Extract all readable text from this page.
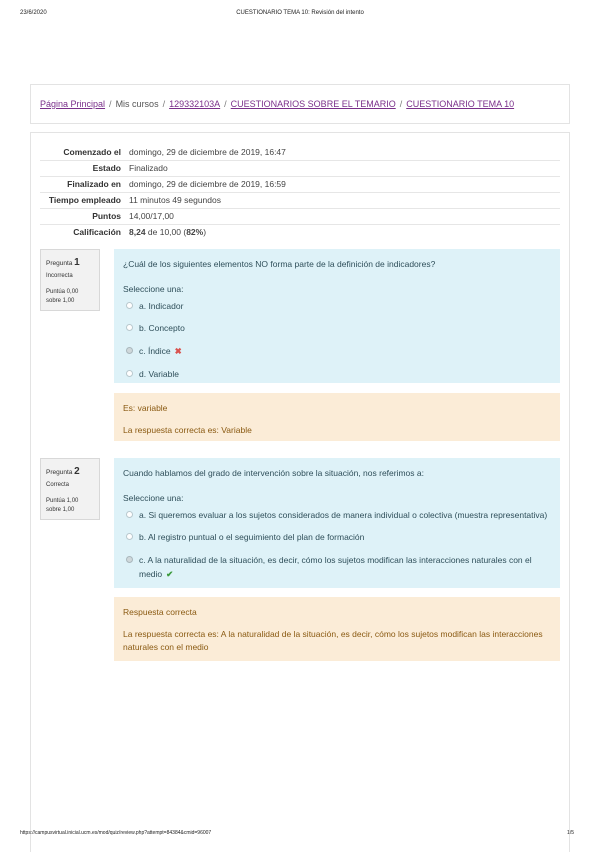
23/6/2020	CUESTIONARIO TEMA 10: Revisión del intento
Página Principal / Mis cursos / 129332103A / CUESTIONARIOS SOBRE EL TEMARIO / CUESTIONARIO TEMA 10
Comenzado el	domingo, 29 de diciembre de 2019, 16:47
Estado	Finalizado
Finalizado en	domingo, 29 de diciembre de 2019, 16:59
Tiempo empleado	11 minutos 49 segundos
Puntos	14,00/17,00
Calificación	8,24 de 10,00 (82%)
Pregunta 1
Incorrecta
Puntúa 0,00
sobre 1,00
¿Cuál de los siguientes elementos NO forma parte de la definición de indicadores?
Seleccione una:
a. Indicador
b. Concepto
c. Índice ✖
d. Variable
Es: variable
La respuesta correcta es: Variable
Pregunta 2
Correcta
Puntúa 1,00
sobre 1,00
Cuando hablamos del grado de intervención sobre la situación, nos referimos a:
Seleccione una:
a. Si queremos evaluar a los sujetos considerados de manera individual o colectiva (muestra representativa)
b. Al registro puntual o el seguimiento del plan de formación
c. A la naturalidad de la situación, es decir, cómo los sujetos modifican las interacciones naturales con el medio ✔
Respuesta correcta
La respuesta correcta es: A la naturalidad de la situación, es decir, cómo los sujetos modifican las interacciones naturales con el medio
https://campusvirtual.inicial.ucm.es/mod/quiz/review.php?attempt=84384&cmid=96007	1/5
